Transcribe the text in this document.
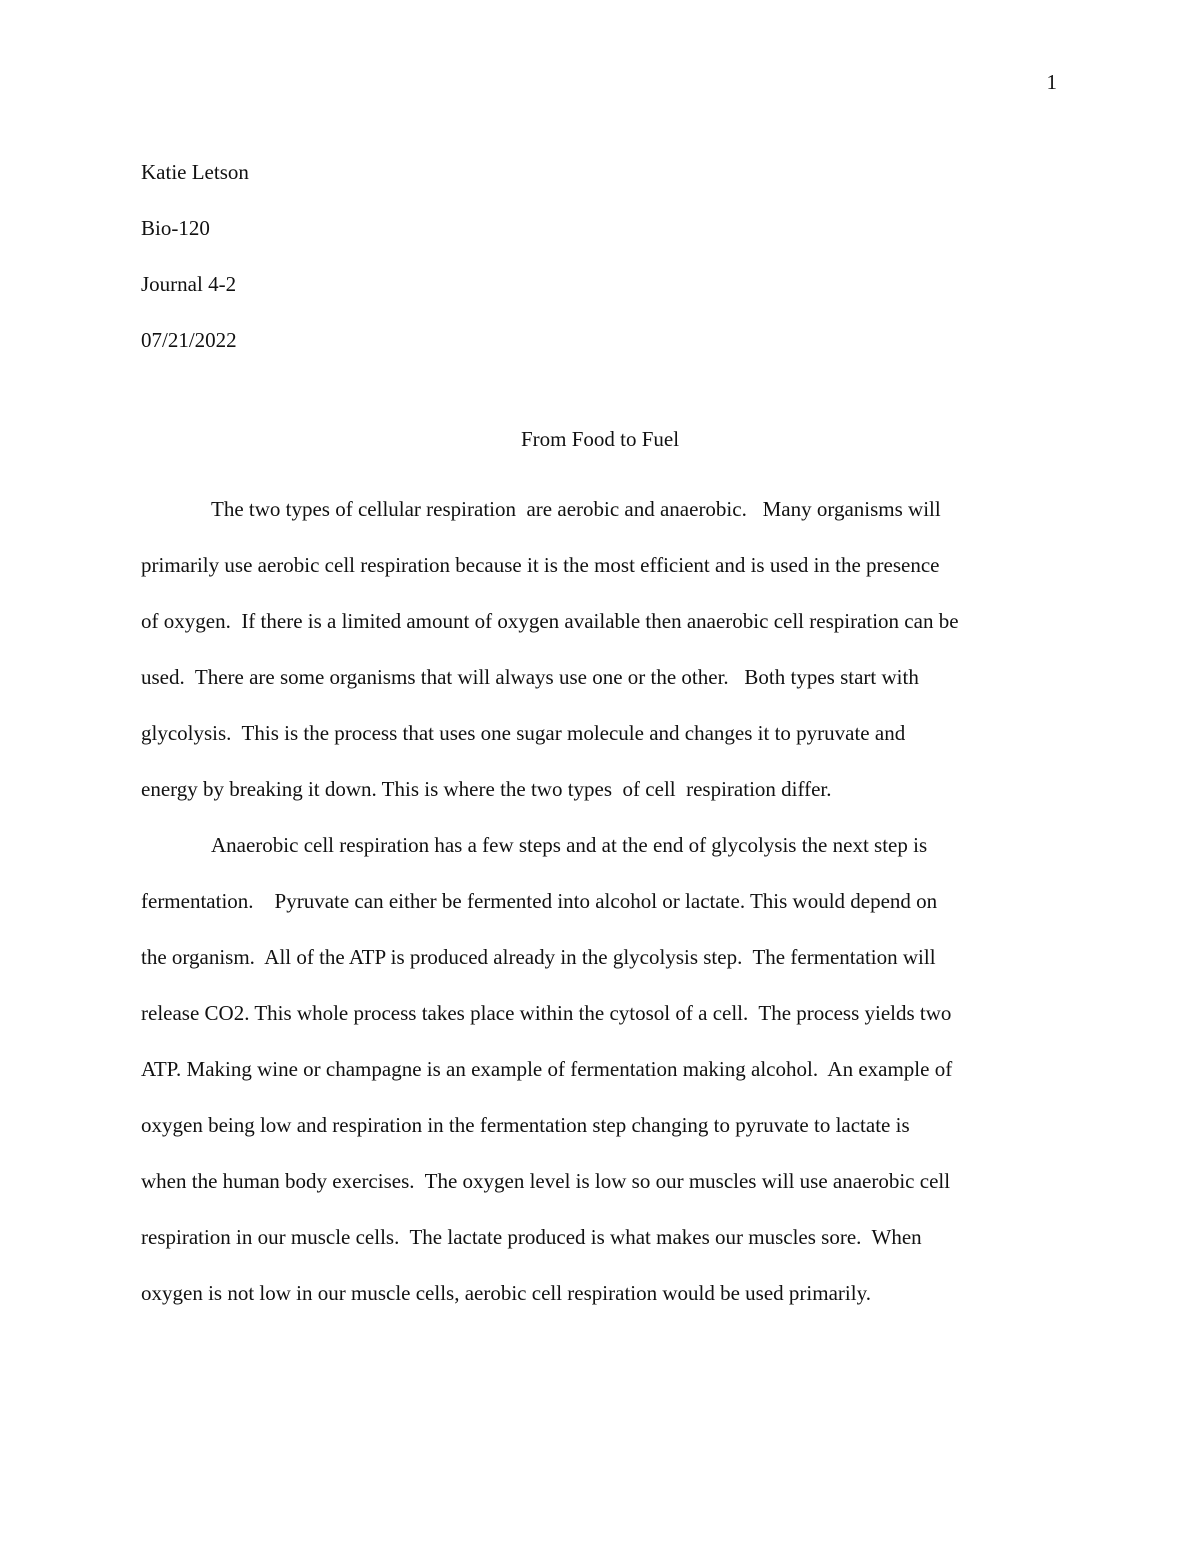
1
Katie Letson
Bio-120
Journal 4-2
07/21/2022
From Food to Fuel
The two types of cellular respiration  are aerobic and anaerobic.   Many organisms will
primarily use aerobic cell respiration because it is the most efficient and is used in the presence
of oxygen.  If there is a limited amount of oxygen available then anaerobic cell respiration can be
used.  There are some organisms that will always use one or the other.   Both types start with
glycolysis.  This is the process that uses one sugar molecule and changes it to pyruvate and
energy by breaking it down. This is where the two types  of cell  respiration differ.
Anaerobic cell respiration has a few steps and at the end of glycolysis the next step is
fermentation.    Pyruvate can either be fermented into alcohol or lactate. This would depend on
the organism.  All of the ATP is produced already in the glycolysis step.  The fermentation will
release CO2. This whole process takes place within the cytosol of a cell.  The process yields two
ATP. Making wine or champagne is an example of fermentation making alcohol.  An example of
oxygen being low and respiration in the fermentation step changing to pyruvate to lactate is
when the human body exercises.  The oxygen level is low so our muscles will use anaerobic cell
respiration in our muscle cells.  The lactate produced is what makes our muscles sore.  When
oxygen is not low in our muscle cells, aerobic cell respiration would be used primarily.
